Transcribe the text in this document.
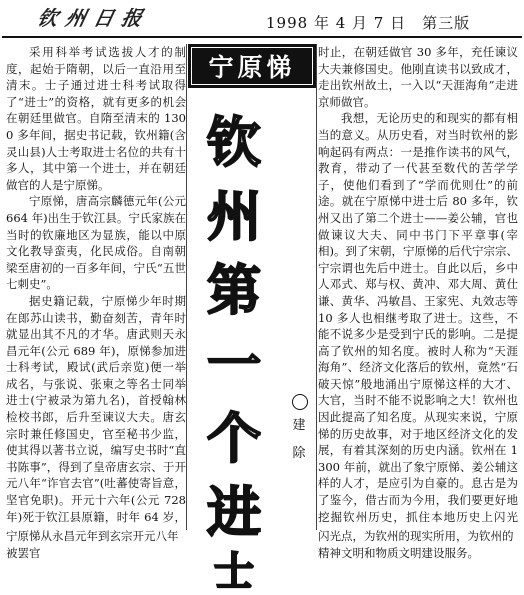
钦州日报	1998 年 4 月 7 日　第三版

采用科举考试选拔人才的制度，起始于隋朝，以后一直沿用至清末。士子通过进士科考试取得了“进士”的资格，就有更多的机会在朝廷里做官。自隋至清末的 1300 多年间，据史书记载，钦州籍(含灵山县)人士考取进士名位的共有十多人，其中第一个进士，并在朝廷做官的人是宁原悌。

宁原悌，唐高宗麟德元年(公元 664 年)出生于钦江县。宁氏家族在当时的钦廉地区为显族，能以中原文化教导蛮夷，化民成俗。自南朝梁至唐初的一百多年间，宁氏“五世七刺史”。

据史籍记载，宁原悌少年时期在郎苏山读书，勤奋刻苦，青年时就显出其不凡的才华。唐武则天永昌元年(公元 689 年)，原悌参加进士科考试，殿试(武后亲览)便一举成名，与张说、张柬之等名士同举进士(宁被录为第九名)，首授翰林检校书郎，后升至谏议大夫。唐玄宗时兼任修国史，官至秘书少监，使其得以著书立说，编写史书时“直书陈事”，得到了皇帝唐玄宗、于开元八年“诈官去官”(吐蕃使寄旨意，坚官免职)。开元十六年(公元 728 年)死于钦江县原籍，时年 64 岁，

宁原悌
钦
州
第
一
个
进
士
建 除

时止，在朝廷做官 30 多年，充任谏议大夫兼修国史。他刚直读书以致成才，走出钦州故土，一入以“天涯海角”走进京师做官。

我想，无论历史的和现实的都有相当的意义。从历史看，对当时钦州的影响起码有两点：一是推作读书的风气，教育，带动了一代甚至数代的苦学学子，使他们看到了“学而优则仕”的前途。就在宁原悌中进士后 80 多年，钦州又出了第二个进士——姜公辅，官也做谏议大夫、同中书门下平章事(宰相)。到了宋朝，宁原悌的后代宁宗宗、宁宗谓也先后中进士。自此以后，乡中人邓式、郑与权、黄冲、邓大周、黄仕谦、黄华、冯敏昌、王家宪、丸效志等 10 多人也相继考取了进士。这些，不能不说多少是受到宁氏的影响。二是提高了钦州的知名度。被时人称为“天涯海角”、经济文化落后的钦州，竟然“石破天惊”般地涌出宁原悌这样的大才、大官，当时不能不说影响之大！钦州也因此提高了知名度。从现实来说，宁原悌的历史故事，对于地区经济文化的发展，有着其深刻的历史内涵。钦州在 1300 年前，就出了象宁原悌、姜公辅这样的人才，是应引为自豪的。息古是为了鉴今，借古而为今用，我们要更好地挖掘钦州历史，抓住本地历史上闪光

宁原悌从永昌元年到玄宗开元八年被罢官
闪光点，为钦州的现实所用，为钦州的精神文明和物质文明建设服务。
